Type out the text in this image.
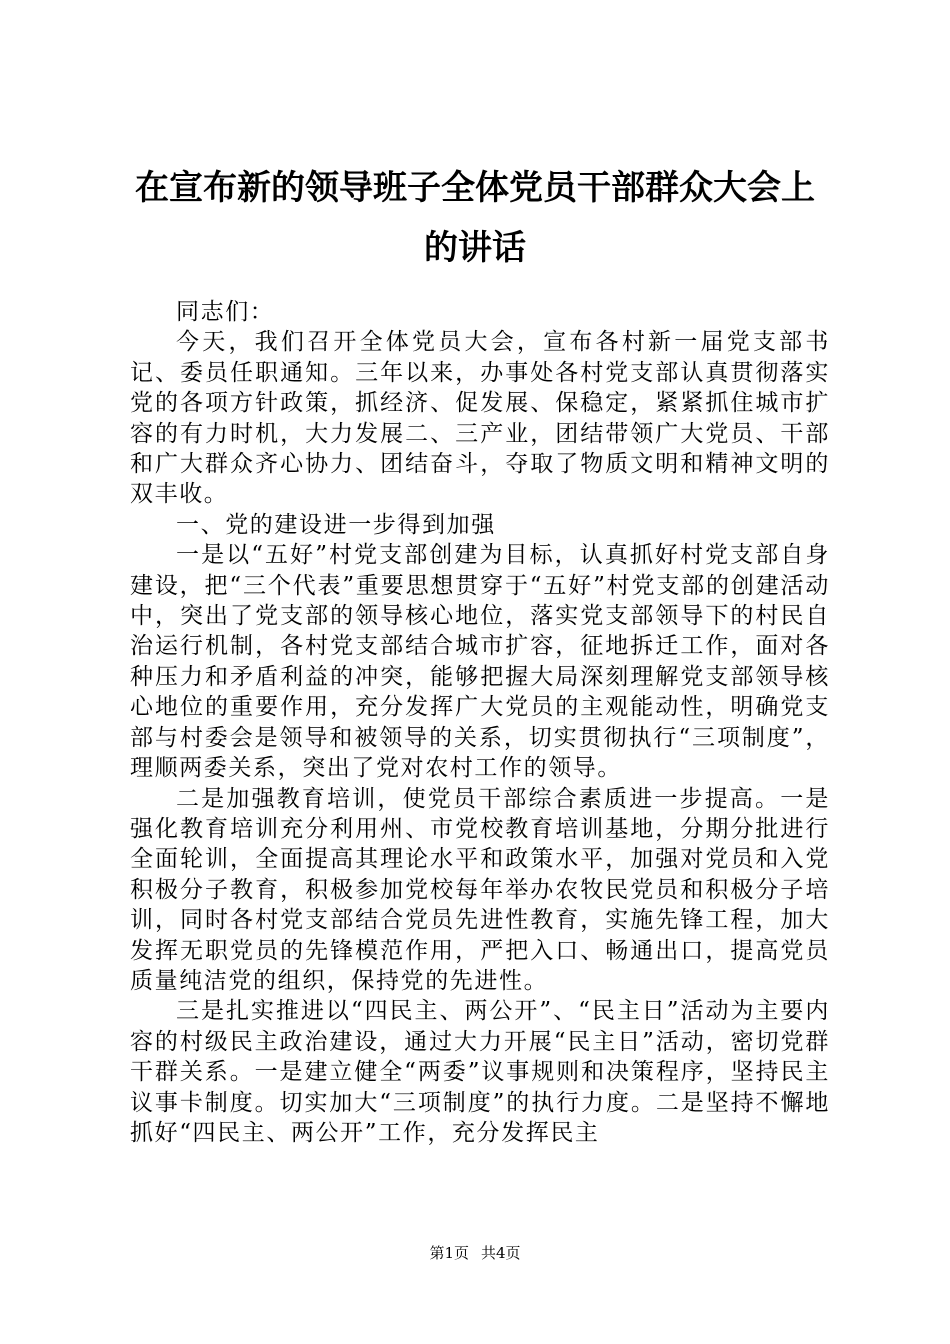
在宣布新的领导班子全体党员干部群众大会上的讲话

同志们：

今天，我们召开全体党员大会，宣布各村新一届党支部书记、委员任职通知。三年以来，办事处各村党支部认真贯彻落实党的各项方针政策，抓经济、促发展、保稳定，紧紧抓住城市扩容的有力时机，大力发展二、三产业，团结带领广大党员、干部和广大群众齐心协力、团结奋斗，夺取了物质文明和精神文明的双丰收。

一、党的建设进一步得到加强

一是以“五好”村党支部创建为目标，认真抓好村党支部自身建设，把“三个代表”重要思想贯穿于“五好”村党支部的创建活动中，突出了党支部的领导核心地位，落实党支部领导下的村民自治运行机制，各村党支部结合城市扩容，征地拆迁工作，面对各种压力和矛盾利益的冲突，能够把握大局深刻理解党支部领导核心地位的重要作用，充分发挥广大党员的主观能动性，明确党支部与村委会是领导和被领导的关系，切实贯彻执行“三项制度”，理顺两委关系，突出了党对农村工作的领导。

二是加强教育培训，使党员干部综合素质进一步提高。一是强化教育培训充分利用州、市党校教育培训基地，分期分批进行全面轮训，全面提高其理论水平和政策水平，加强对党员和入党积极分子教育，积极参加党校每年举办农牧民党员和积极分子培训，同时各村党支部结合党员先进性教育，实施先锋工程，加大发挥无职党员的先锋模范作用，严把入口、畅通出口，提高党员质量纯洁党的组织，保持党的先进性。

三是扎实推进以“四民主、两公开”、“民主日”活动为主要内容的村级民主政治建设，通过大力开展“民主日”活动，密切党群干群关系。一是建立健全“两委”议事规则和决策程序，坚持民主议事卡制度。切实加大“三项制度”的执行力度。二是坚持不懈地抓好“四民主、两公开”工作，充分发挥民主

第1页 共4页
